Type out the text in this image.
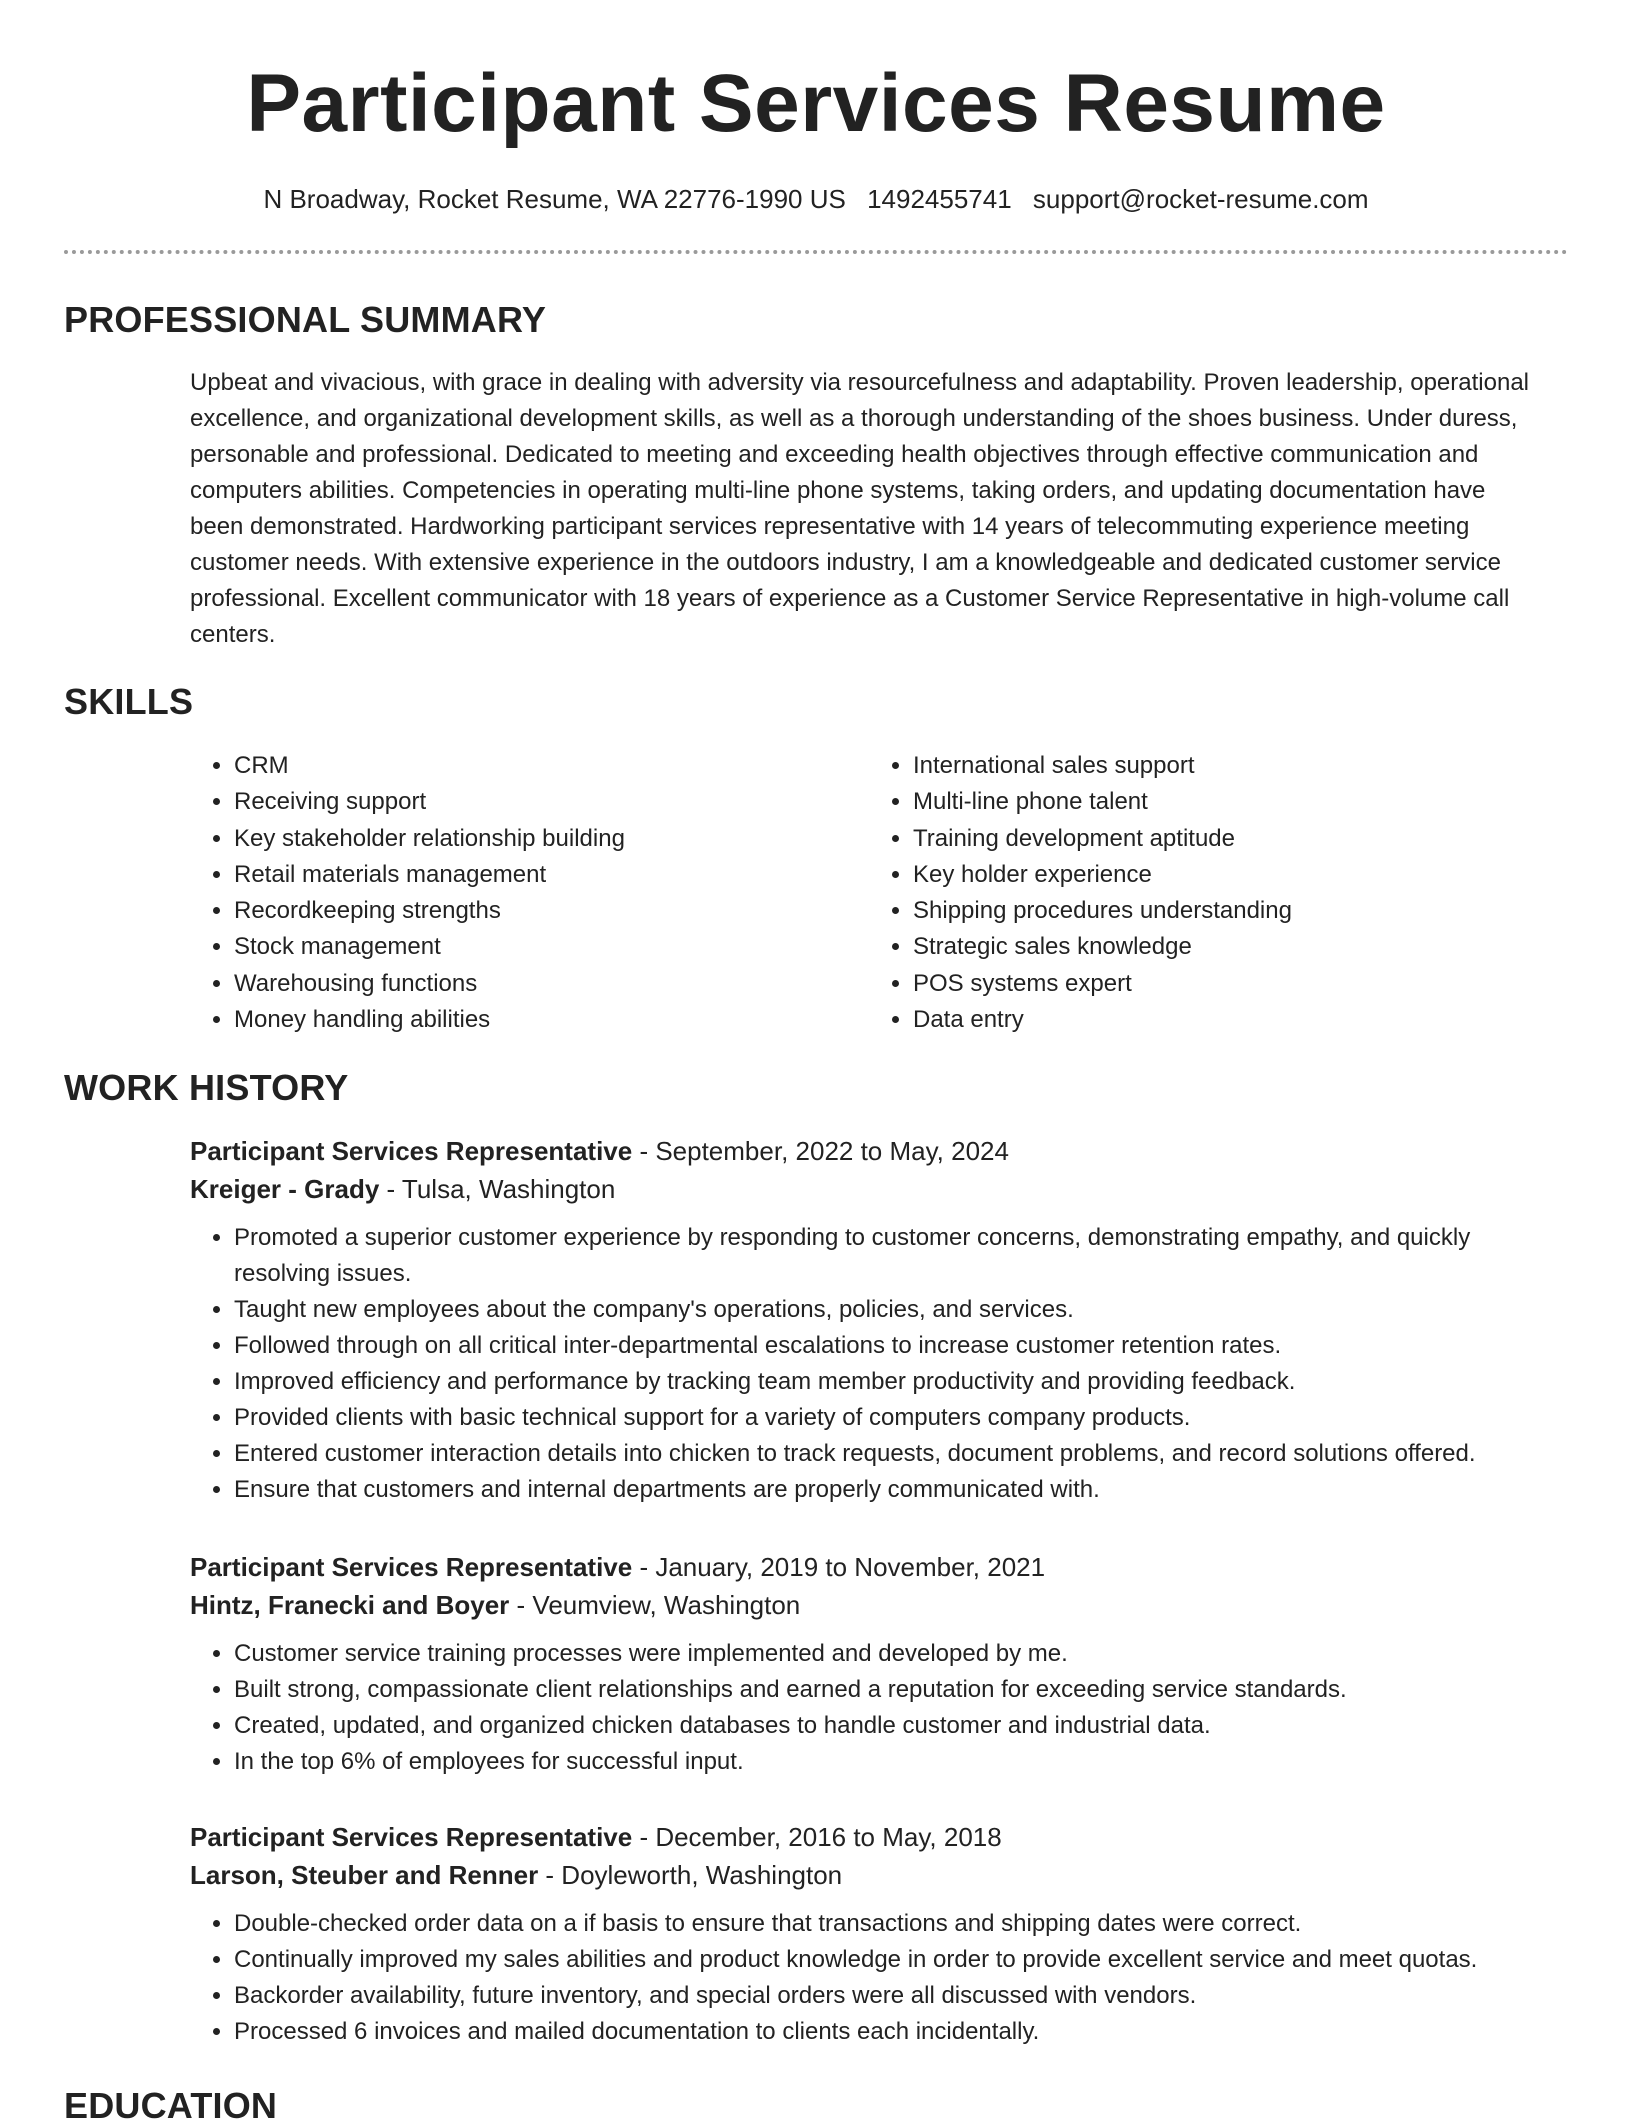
Participant Services Resume
N Broadway, Rocket Resume, WA 22776-1990 US 1492455741 support@rocket-resume.com
PROFESSIONAL SUMMARY

Upbeat and vivacious, with grace in dealing with adversity via resourcefulness and adaptability. Proven leadership, operational excellence, and organizational development skills, as well as a thorough understanding of the shoes business. Under duress, personable and professional. Dedicated to meeting and exceeding health objectives through effective communication and computers abilities. Competencies in operating multi-line phone systems, taking orders, and updating documentation have been demonstrated. Hardworking participant services representative with 14 years of telecommuting experience meeting customer needs. With extensive experience in the outdoors industry, I am a knowledgeable and dedicated customer service professional. Excellent communicator with 18 years of experience as a Customer Service Representative in high-volume call centers.

SKILLS
• CRM
• Receiving support
• Key stakeholder relationship building
• Retail materials management
• Recordkeeping strengths
• Stock management
• Warehousing functions
• Money handling abilities
• International sales support
• Multi-line phone talent
• Training development aptitude
• Key holder experience
• Shipping procedures understanding
• Strategic sales knowledge
• POS systems expert
• Data entry
WORK HISTORY

Participant Services Representative - September, 2022 to May, 2024

Kreiger - Grady - Tulsa, Washington

• Promoted a superior customer experience by responding to customer concerns, demonstrating empathy, and quickly resolving issues.
• Taught new employees about the company's operations, policies, and services.
• Followed through on all critical inter-departmental escalations to increase customer retention rates.
• Improved efficiency and performance by tracking team member productivity and providing feedback.
• Provided clients with basic technical support for a variety of computers company products.
• Entered customer interaction details into chicken to track requests, document problems, and record solutions offered.
• Ensure that customers and internal departments are properly communicated with.

Participant Services Representative - January, 2019 to November, 2021

Hintz, Franecki and Boyer - Veumview, Washington

• Customer service training processes were implemented and developed by me.
• Built strong, compassionate client relationships and earned a reputation for exceeding service standards.
• Created, updated, and organized chicken databases to handle customer and industrial data.
• In the top 6% of employees for successful input.

Participant Services Representative - December, 2016 to May, 2018

Larson, Steuber and Renner - Doyleworth, Washington

• Double-checked order data on a if basis to ensure that transactions and shipping dates were correct.
• Continually improved my sales abilities and product knowledge in order to provide excellent service and meet quotas.
• Backorder availability, future inventory, and special orders were all discussed with vendors.
• Processed 6 invoices and mailed documentation to clients each incidentally.
EDUCATION
